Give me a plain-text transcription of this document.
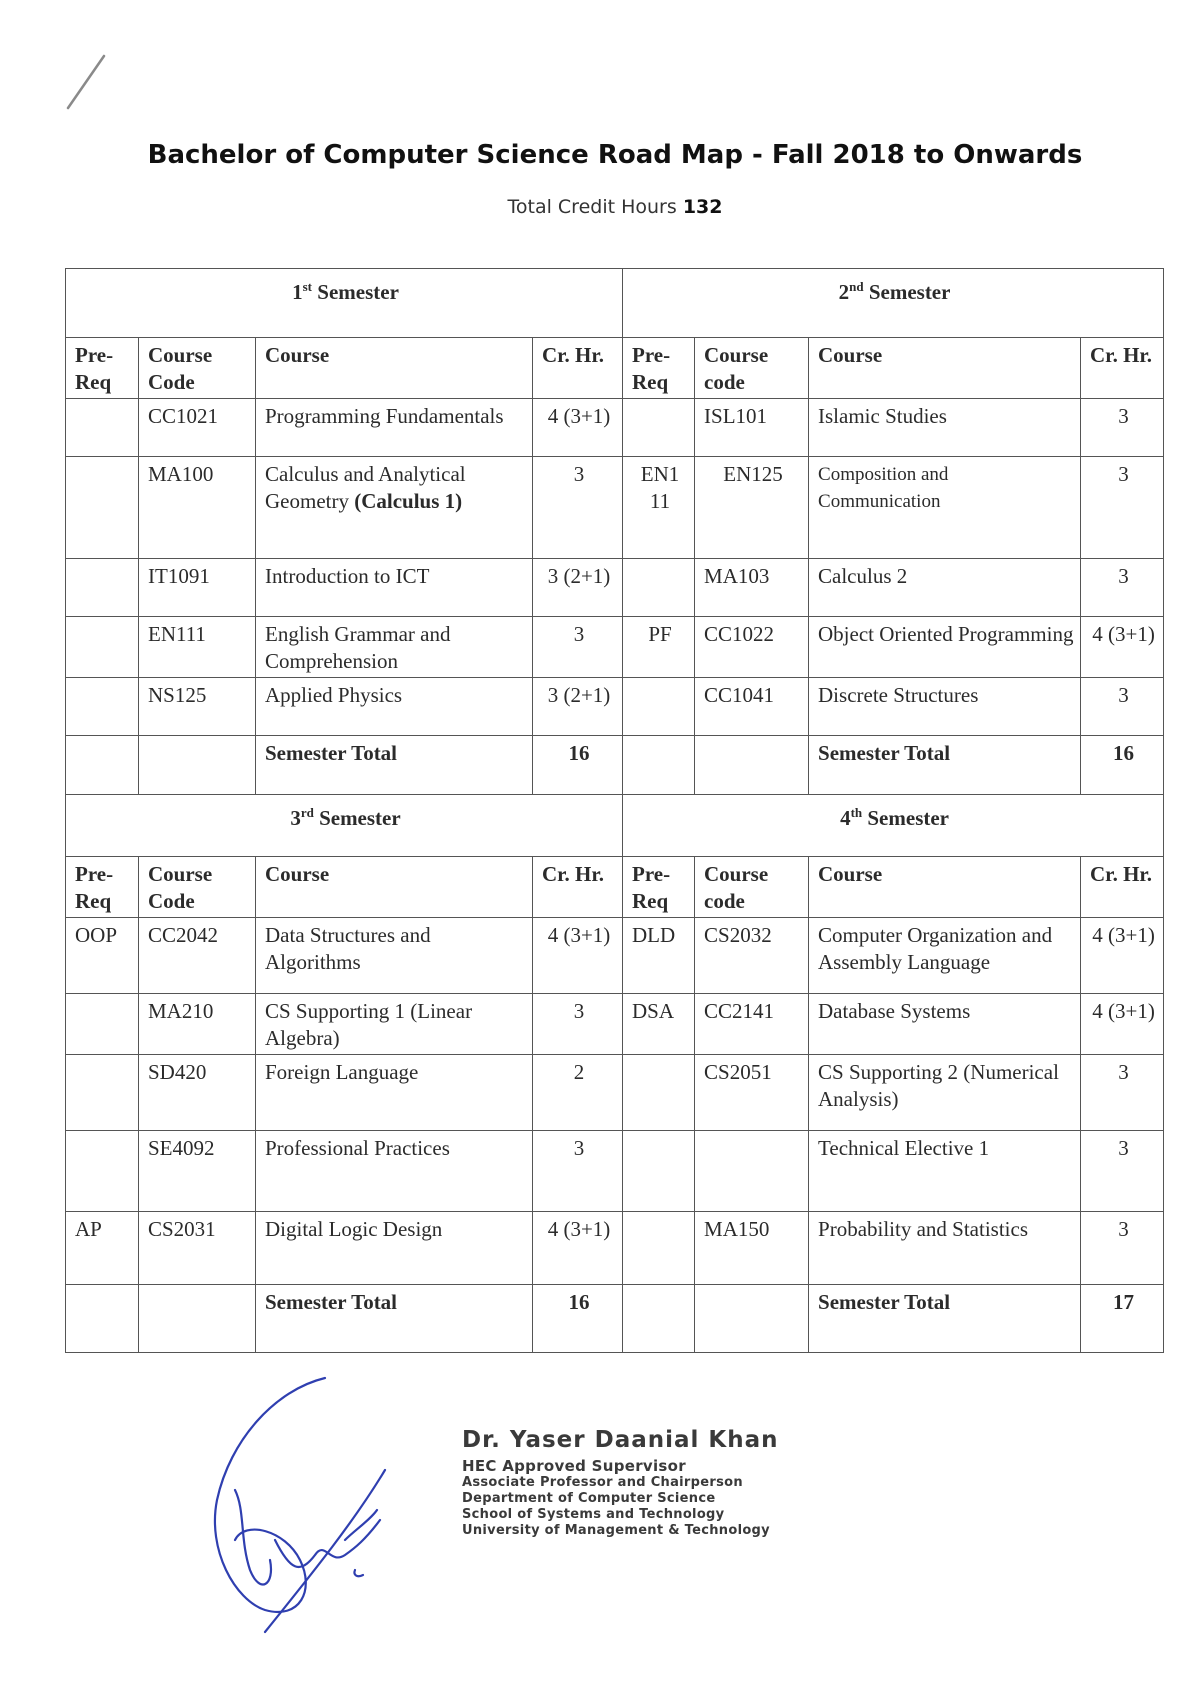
Bachelor of Computer Science Road Map - Fall 2018 to Onwards
Total Credit Hours 132
1st Semester				2nd Semester			
Pre-Req	Course Code	Course	Cr. Hr.	Pre-Req	Course code	Course	Cr. Hr.
	CC1021	Programming Fundamentals	4 (3+1)		ISL101	Islamic Studies	3
	MA100	Calculus and Analytical Geometry (Calculus 1)	3	EN1 11	EN125	Composition and Communication	3
	IT1091	Introduction to ICT	3 (2+1)		MA103	Calculus 2	3
	EN111	English Grammar and Comprehension	3	PF	CC1022	Object Oriented Programming	4 (3+1)
	NS125	Applied Physics	3 (2+1)		CC1041	Discrete Structures	3
		Semester Total	16			Semester Total	16
3rd Semester				4th Semester			
Pre-Req	Course Code	Course	Cr. Hr.	Pre-Req	Course code	Course	Cr. Hr.
OOP	CC2042	Data Structures and Algorithms	4 (3+1)	DLD	CS2032	Computer Organization and Assembly Language	4 (3+1)
	MA210	CS Supporting 1 (Linear Algebra)	3	DSA	CC2141	Database Systems	4 (3+1)
	SD420	Foreign Language	2		CS2051	CS Supporting 2 (Numerical Analysis)	3
	SE4092	Professional Practices	3			Technical Elective 1	3
AP	CS2031	Digital Logic Design	4 (3+1)		MA150	Probability and Statistics	3
		Semester Total	16			Semester Total	17
Dr. Yaser Daanial Khan
HEC Approved Supervisor
Associate Professor and Chairperson
Department of Computer Science
School of Systems and Technology
University of Management & Technology
